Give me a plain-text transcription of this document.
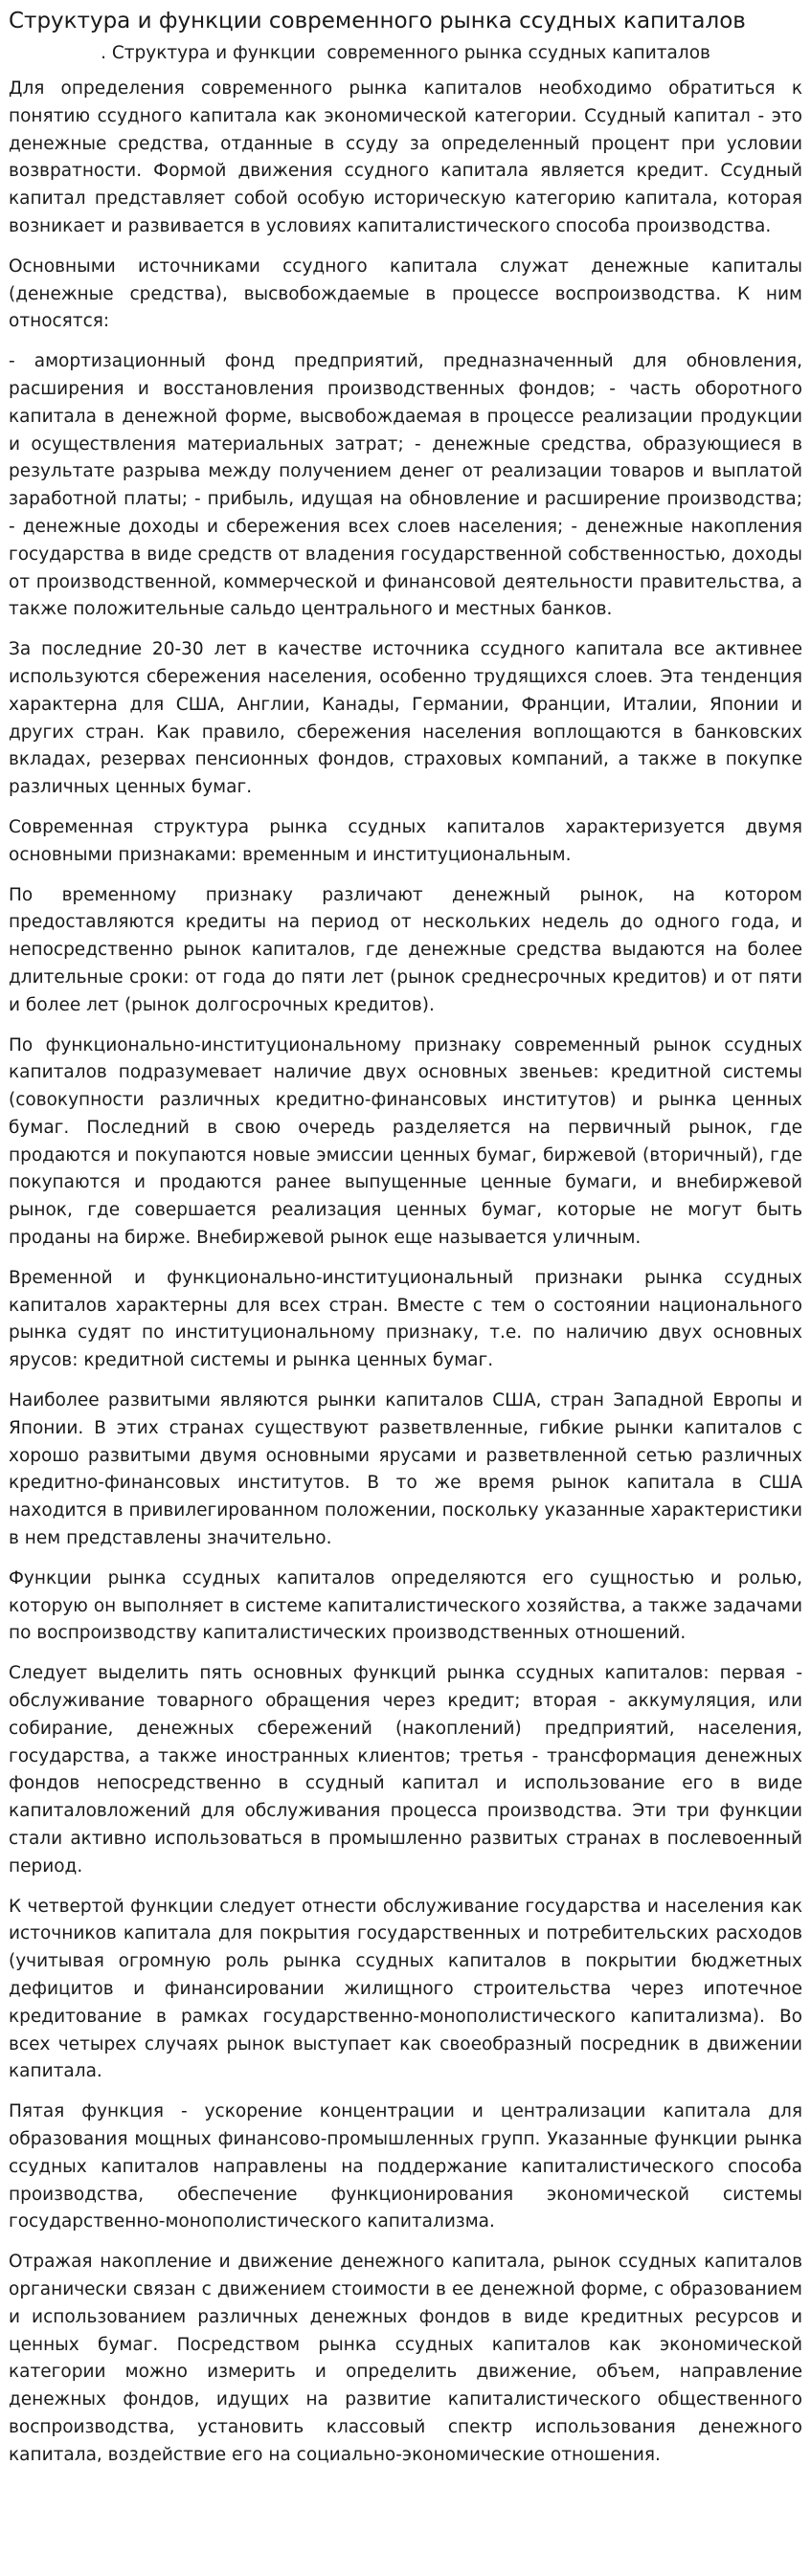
Структура и функции современного рынка ссудных капиталов
. Структура и функции  современного рынка ссудных капиталов

Для определения современного рынка капиталов необходимо обратиться к понятию ссудного капитала как экономической категории. Ссудный капитал - это денежные средства, отданные в ссуду за определенный процент при условии возвратности. Формой движения ссудного капитала является кредит. Ссудный капитал представляет собой особую историческую категорию капитала, которая возникает и развивается в условиях капиталистического способа производства.

Основными источниками ссудного капитала служат денежные капиталы (денежные средства), высвобождаемые в процессе воспроизводства. К ним относятся:

- амортизационный фонд предприятий, предназначенный для обновления, расширения и восстановления производственных фондов; - часть оборотного капитала в денежной форме, высвобождаемая в процессе реализации продукции и осуществления материальных затрат; - денежные средства, образующиеся в результате разрыва между получением денег от реализации товаров и выплатой заработной платы; - прибыль, идущая на обновление и расширение производства; - денежные доходы и сбережения всех слоев населения; - денежные накопления государства в виде средств от владения государственной собственностью, доходы от производственной, коммерческой и финансовой деятельности правительства, а также положительные сальдо центрального и местных банков.

За последние 20-30 лет в качестве источника ссудного капитала все активнее используются сбережения населения, особенно трудящихся слоев. Эта тенденция характерна для США, Англии, Канады, Германии, Франции, Италии, Японии и других стран. Как правило, сбережения населения воплощаются в банковских вкладах, резервах пенсионных фондов, страховых компаний, а также в покупке различных ценных бумаг.

Современная структура рынка ссудных капиталов характеризуется двумя основными признаками: временным и институциональным.

По временному признаку различают денежный рынок, на котором предоставляются кредиты на период от нескольких недель до одного года, и непосредственно рынок капиталов, где денежные средства выдаются на более длительные сроки: от года до пяти лет (рынок среднесрочных кредитов) и от пяти и более лет (рынок долгосрочных кредитов).

По функционально-институциональному признаку современный рынок ссудных капиталов подразумевает наличие двух основных звеньев: кредитной системы (совокупности различных кредитно-финансовых институтов) и рынка ценных бумаг. Последний в свою очередь разделяется на первичный рынок, где продаются и покупаются новые эмиссии ценных бумаг, биржевой (вторичный), где покупаются и продаются ранее выпущенные ценные бумаги, и внебиржевой рынок, где совершается реализация ценных бумаг, которые не могут быть проданы на бирже. Внебиржевой рынок еще называется уличным.

Временной и функционально-институциональный признаки рынка ссудных капиталов характерны для всех стран. Вместе с тем о состоянии национального рынка судят по институциональному признаку, т.е. по наличию двух основных ярусов: кредитной системы и рынка ценных бумаг.

Наиболее развитыми являются рынки капиталов США, стран Западной Европы и Японии. В этих странах существуют разветвленные, гибкие рынки капиталов с хорошо развитыми двумя основными ярусами и разветвленной сетью различных кредитно-финансовых институтов. В то же время рынок капитала в США находится в привилегированном положении, поскольку указанные характеристики в нем представлены значительно.

Функции рынка ссудных капиталов определяются его сущностью и ролью, которую он выполняет в системе капиталистического хозяйства, а также задачами по воспроизводству капиталистических производственных отношений.

Следует выделить пять основных функций рынка ссудных капиталов: первая - обслуживание товарного обращения через кредит; вторая - аккумуляция, или собирание, денежных сбережений (накоплений) предприятий, населения, государства, а также иностранных клиентов; третья - трансформация денежных фондов непосредственно в ссудный капитал и использование его в виде капиталовложений для обслуживания процесса производства. Эти три функции стали активно использоваться в промышленно развитых странах в послевоенный период.

К четвертой функции следует отнести обслуживание государства и населения как источников капитала для покрытия государственных и потребительских расходов (учитывая огромную роль рынка ссудных капиталов в покрытии бюджетных дефицитов и финансировании жилищного строительства через ипотечное кредитование в рамках государственно-монополистического капитализма). Во всех четырех случаях рынок выступает как своеобразный посредник в движении капитала.

Пятая функция - ускорение концентрации и централизации капитала для образования мощных финансово-промышленных групп. Указанные функции рынка ссудных капиталов направлены на поддержание капиталистического способа производства, обеспечение функционирования экономической системы государственно-монополистического капитализма.

Отражая накопление и движение денежного капитала, рынок ссудных капиталов органически связан с движением стоимости в ее денежной форме, с образованием и использованием различных денежных фондов в виде кредитных ресурсов и ценных бумаг. Посредством рынка ссудных капиталов как экономической категории можно измерить и определить движение, объем, направление денежных фондов, идущих на развитие капиталистического общественного воспроизводства, установить классовый спектр использования денежного капитала, воздействие его на социально-экономические отношения.
